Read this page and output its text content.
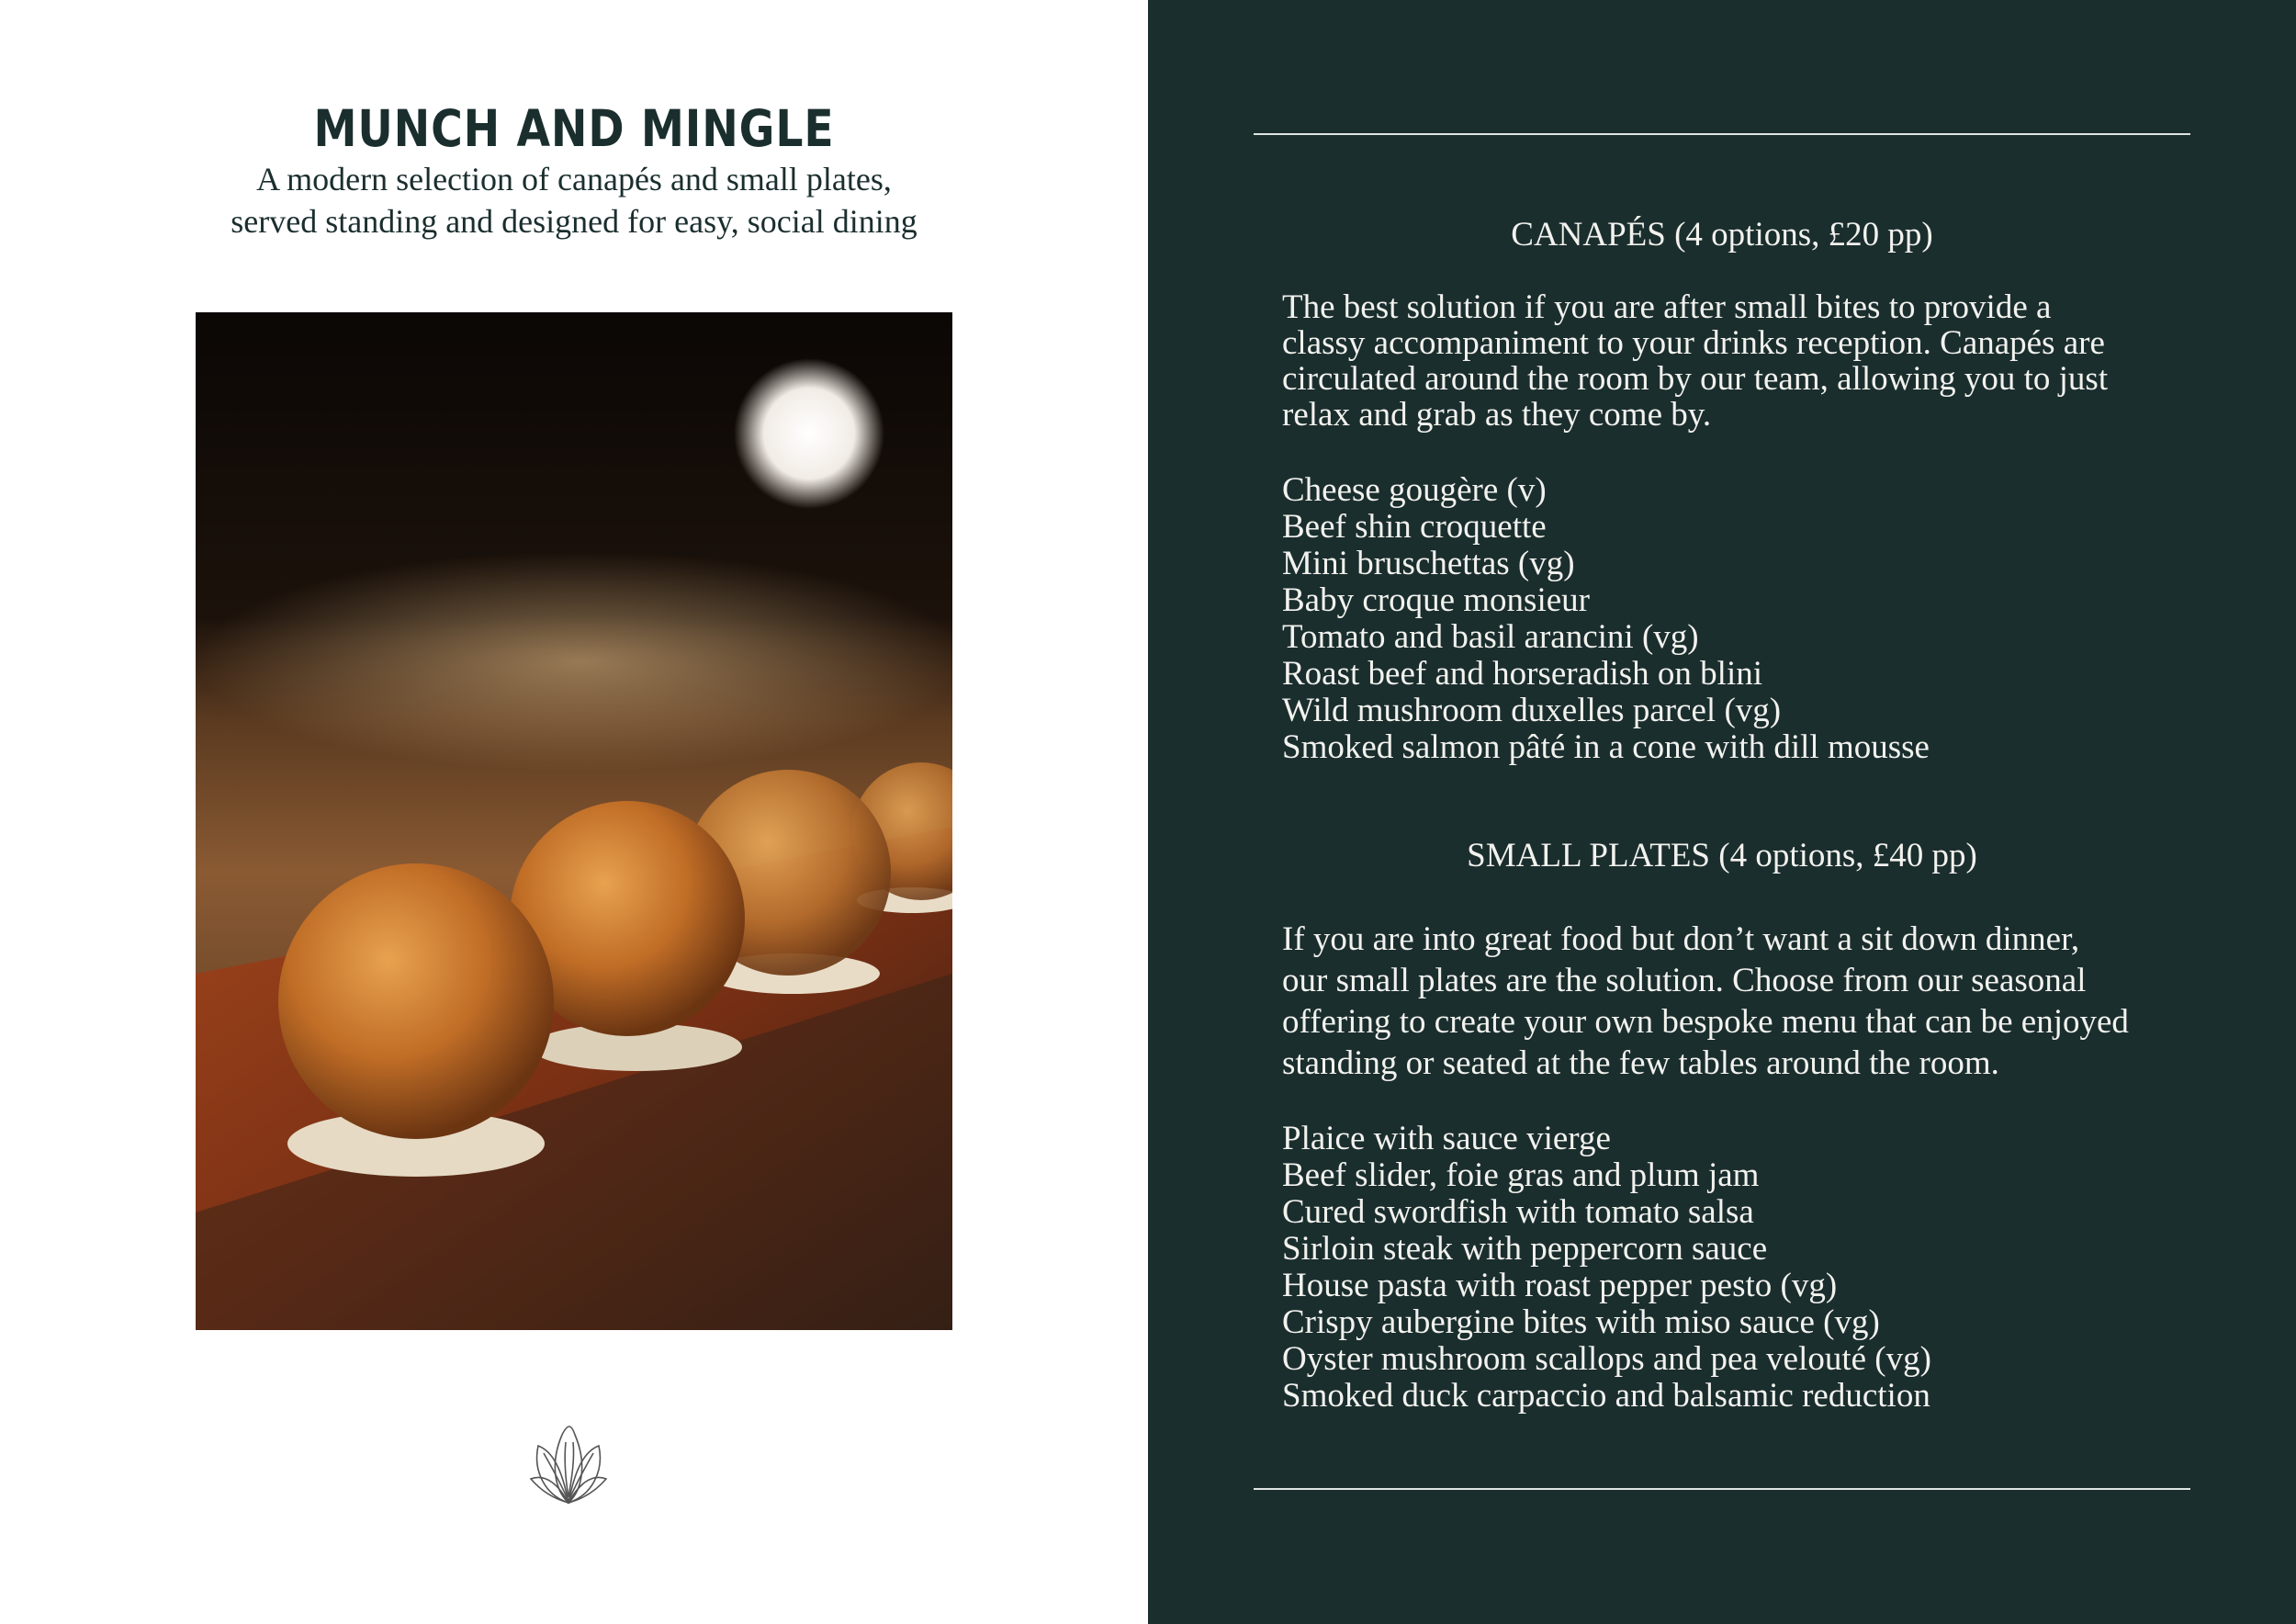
MUNCH AND MINGLE

A modern selection of canapés and small plates,
served standing and designed for easy, social dining	CANAPÉS (4 options, £20 pp)

The best solution if you are after small bites to provide a
classy accompaniment to your drinks reception. Canapés are
circulated around the room by our team, allowing you to just
relax and grab as they come by.

Cheese gougère (v)
Beef shin croquette
Mini bruschettas (vg)
Baby croque monsieur
Tomato and basil arancini (vg)
Roast beef and horseradish on blini
Wild mushroom duxelles parcel (vg)
Smoked salmon pâté in a cone with dill mousse
SMALL PLATES (4 options, £40 pp)

If you are into great food but don’t want a sit down dinner,
our small plates are the solution. Choose from our seasonal
offering to create your own bespoke menu that can be enjoyed
standing or seated at the few tables around the room.

Plaice with sauce vierge
Beef slider, foie gras and plum jam
Cured swordfish with tomato salsa
Sirloin steak with peppercorn sauce
House pasta with roast pepper pesto (vg)
Crispy aubergine bites with miso sauce (vg)
Oyster mushroom scallops and pea velouté (vg)
Smoked duck carpaccio and balsamic reduction
